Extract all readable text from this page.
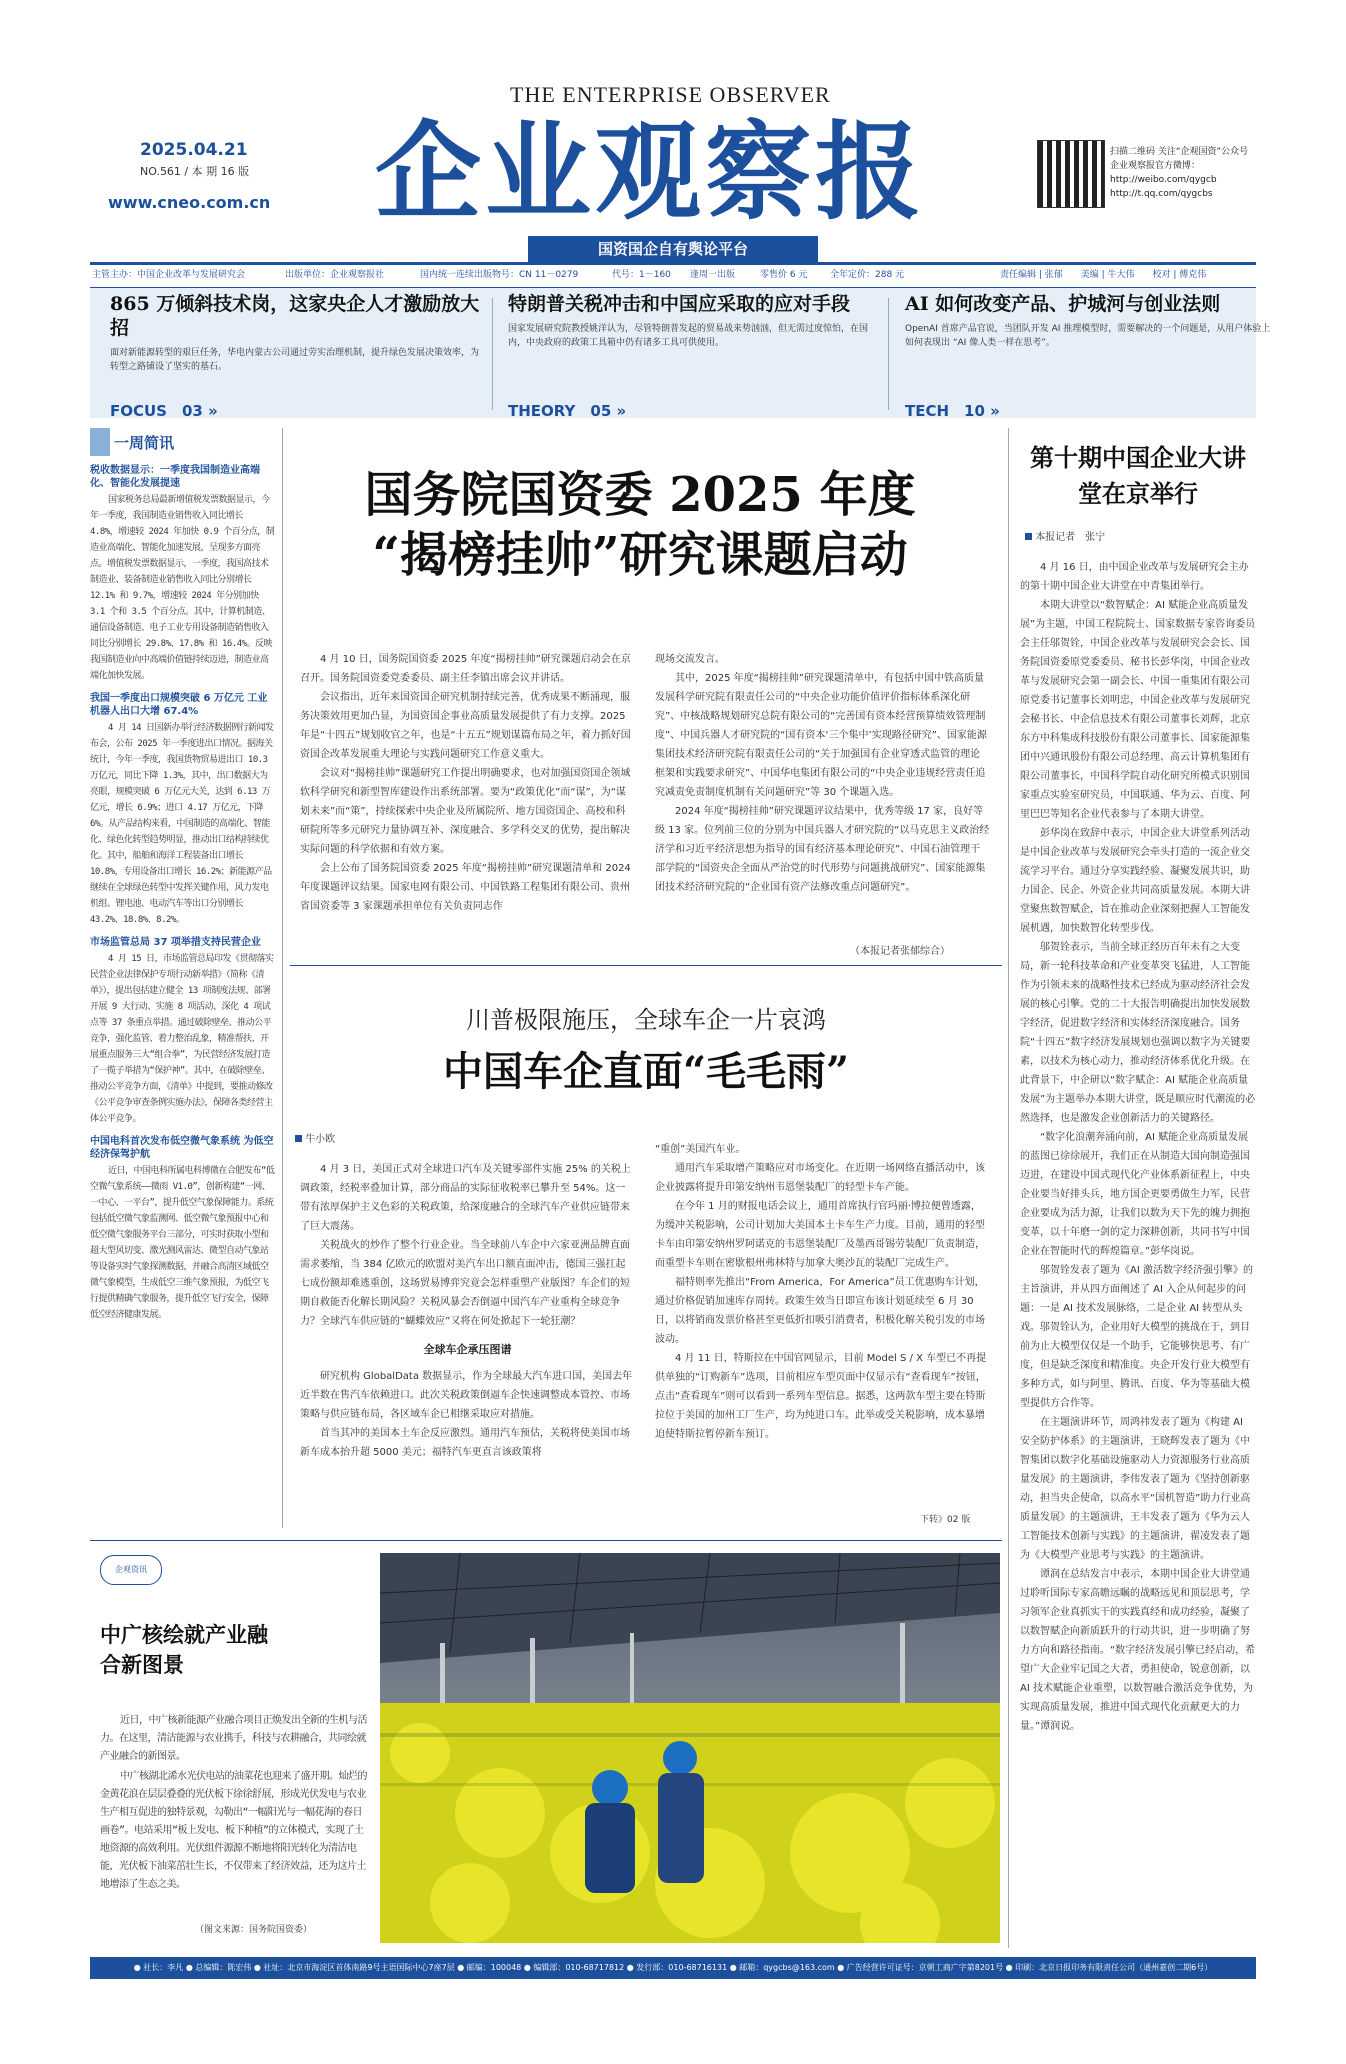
2025.04.21
NO.561 / 本 期 16 版
www.cneo.com.cn
THE ENTERPRISE OBSERVER
企业观察报
国资国企自有舆论平台
扫描二维码 关注“企观国资”公众号
企业观察报官方微博：
http://weibo.com/qygcb
http://t.qq.com/qygcbs
主管主办：中国企业改革与发展研究会	出版单位：企业观察报社	国内统一连续出版物号：CN 11－0279	代号：1－160 逢周一出版	零售价 6 元	全年定价：288 元	责任编辑 | 张郁　　美编 | 牛大伟　　校对 | 傅克伟
865 万倾斜技术岗，这家央企人才激励放大招

面对新能源转型的艰巨任务，华电内蒙古公司通过劳实治理机制，提升绿色发展决策效率，为转型之路铺设了坚实的基石。

FOCUS　03 »
特朗普关税冲击和中国应采取的应对手段

国家发展研究院教授姚洋认为，尽管特朗普发起的贸易战来势汹汹，但无需过度惊怕，在国内，中央政府的政策工具箱中仍有诸多工具可供使用。

THEORY　05 »
AI 如何改变产品、护城河与创业法则

OpenAI 首席产品官说，当团队开发 AI 推理模型时，需要解决的一个问题是，从用户体验上如何表现出 “AI 像人类一样在思考”。

TECH　10 »
一周简讯

税收数据显示：一季度我国制造业高端化、智能化发展提速

国家税务总局最新增值税发票数据显示，今年一季度，我国制造业销售收入同比增长 4.8%，增速较 2024 年加快 0.9 个百分点，制造业高端化、智能化加速发展，呈现多方面亮点。增值税发票数据显示，一季度，我国高技术制造业、装备制造业销售收入同比分别增长 12.1% 和 9.7%，增速较 2024 年分别加快 3.1 个和 3.5 个百分点。其中，计算机制造、通信设备制造、电子工业专用设备制造销售收入同比分别增长 29.8%、17.8% 和 16.4%。反映我国制造业向中高端价值链持续迈进，制造业高端化加快发展。

我国一季度出口规模突破 6 万亿元 工业机器人出口大增 67.4%

4 月 14 日国新办举行经济数据例行新闻发布会，公布 2025 年一季度进出口情况。据海关统计，今年一季度，我国货物贸易进出口 10.3 万亿元，同比下降 1.3%，其中，出口数据大为亮眼，规模突破 6 万亿元大关，达到 6.13 万亿元，增长 6.9%；进口 4.17 万亿元，下降 6%。从产品结构来看，中国制造的高端化、智能化、绿色化转型趋势明显，推动出口结构持续优化。其中，船舶和海洋工程装备出口增长 10.8%，专用设备出口增长 16.2%；新能源产品继续在全球绿色转型中发挥关键作用，风力发电机组、锂电池、电动汽车等出口分别增长 43.2%、18.8%、8.2%。

市场监管总局 37 项举措支持民营企业

4 月 15 日，市场监管总局印发《贯彻落实民营企业法律保护专项行动新举措》（简称《清单》），提出包括建立健全 13 项制度法规、部署开展 9 大行动、实施 8 项活动、深化 4 项试点等 37 条重点举措。通过破除壁垒、推动公平竞争，强化监管、着力整治乱象，精准帮扶、开展重点服务三大“组合拳”，为民营经济发展打造了一揽子举措为“保护神”。其中，在破除壁垒、推动公平竞争方面，《清单》中提到，要推动修改《公平竞争审查条例实施办法》，保障各类经营主体公平竞争。

中国电科首次发布低空微气象系统 为低空经济保驾护航

近日，中国电科所属电科博微在合肥发布“低空微气象系统——微雨 V1.0”，创新构建“一网、一中心、一平台”，提升低空气象保障能力。系统包括低空微气象监测网、低空微气象预报中心和低空微气象服务平台三部分，可实时获取小型和超大型风切变、激光测风雷达、微型自动气象站等设备实时气象探测数据，并融合高清区域低空微气象模型，生成低空三维气象预报，为低空飞行提供精确气象服务，提升低空飞行安全，保障低空经济健康发展。

国务院国资委 2025 年度
“揭榜挂帅”研究课题启动

4 月 10 日，国务院国资委 2025 年度“揭榜挂帅”研究课题启动会在京召开。国务院国资委党委委员、副主任李镇出席会议并讲话。

会议指出，近年来国资国企研究机制持续完善，优秀成果不断涌现，服务决策效用更加凸显，为国资国企事业高质量发展提供了有力支撑。2025 年是“十四五”规划收官之年，也是“十五五”规划谋篇布局之年，着力抓好国资国企改革发展重大理论与实践问题研究工作意义重大。

会议对“揭榜挂帅”课题研究工作提出明确要求，也对加强国资国企领域软科学研究和新型智库建设作出系统部署。要为“政策优化”而“谋”，为“谋划未来”而“策”，持续探索中央企业及所属院所、地方国资国企、高校和科研院所等多元研究力量协调互补、深度融合、多学科交叉的优势，提出解决实际问题的科学依据和有效方案。

会上公布了国务院国资委 2025 年度“揭榜挂帅”研究课题清单和 2024 年度课题评议结果。国家电网有限公司、中国铁路工程集团有限公司、贵州省国资委等 3 家课题承担单位有关负责同志作

现场交流发言。

其中，2025 年度“揭榜挂帅”研究课题清单中，有包括中国中铁高质量发展科学研究院有限责任公司的“中央企业功能价值评价指标体系深化研究”、中核战略规划研究总院有限公司的“完善国有资本经营预算绩效管理制度”、中国兵器人才研究院的“国有资本‘三个集中’实现路径研究”、国家能源集团技术经济研究院有限责任公司的“关于加强国有企业穿透式监管的理论框架和实践要求研究”、中国华电集团有限公司的“中央企业违规经营责任追究减责免责制度机制有关问题研究”等 30 个课题入选。

2024 年度“揭榜挂帅”研究课题评议结果中，优秀等级 17 家，良好等级 13 家。位列前三位的分别为中国兵器人才研究院的“以马克思主义政治经济学和习近平经济思想为指导的国有经济基本理论研究”、中国石油管理干部学院的“国资央企全面从严治党的时代形势与问题挑战研究”、国家能源集团技术经济研究院的“企业国有资产法修改重点问题研究”。

（本报记者张郁综合）
川普极限施压，全球车企一片哀鸿
中国车企直面“毛毛雨”
牛小欧

4 月 3 日，美国正式对全球进口汽车及关键零部件实施 25% 的关税上调政策，经税率叠加计算，部分商品的实际征收税率已攀升至 54%。这一带有浓厚保护主义色彩的关税政策，给深度融合的全球汽车产业供应链带来了巨大震荡。

关税战火的炒作了整个行业企业。当全球前八车企中六家亚洲品牌直面需求萎缩，当 384 亿欧元的欧盟对美汽车出口额直面冲击，德国三强扛起七成份额却难逃重创，这场贸易博弈究竟会怎样重塑产业版图？车企们的短期自救能否化解长期风险？关税风暴会否倒逼中国汽车产业重构全球竞争力？全球汽车供应链的“蝴蝶效应”又将在何处掀起下一轮狂潮？

全球车企承压图谱

研究机构 GlobalData 数据显示，作为全球最大汽车进口国，美国去年近半数在售汽车依赖进口。此次关税政策倒逼车企快速调整成本管控、市场策略与供应链布局，各区域车企已相继采取应对措施。

首当其冲的美国本土车企反应激烈。通用汽车预估，关税将使美国市场新车成本抬升超 5000 美元；福特汽车更直言该政策将

“重创”美国汽车业。

通用汽车采取增产策略应对市场变化。在近期一场网络直播活动中，该企业披露将提升印第安纳州韦恩堡装配厂的轻型卡车产能。

在今年 1 月的财报电话会议上，通用首席执行官玛丽·博拉便曾透露，为缓冲关税影响，公司计划加大美国本土卡车生产力度。目前，通用的轻型卡车由印第安纳州罗阿诺克的韦恩堡装配厂及墨西哥锡劳装配厂负责制造，而重型卡车则在密歇根州弗林特与加拿大奥沙瓦的装配厂完成生产。

福特则率先推出“From America，For America”员工优惠购车计划，通过价格促销加速库存周转。政策生效当日即宣布该计划延续至 6 月 30 日，以将销商发票价格甚至更低折扣吸引消费者，积极化解关税引发的市场波动。

4 月 11 日，特斯拉在中国官网显示，目前 Model S / X 车型已不再提供单独的“订购新车”选项，目前相应车型页面中仅显示有“查看现车”按钮，点击“查看现车”则可以看到一系列车型信息。据悉，这两款车型主要在特斯拉位于美国的加州工厂生产，均为纯进口车。此举或受关税影响，成本暴增迫使特斯拉暂停新车预订。

下转》02 版
第十期中国企业大讲堂在京举行
本报记者　张宁

4 月 16 日，由中国企业改革与发展研究会主办的第十期中国企业大讲堂在中青集团举行。

本期大讲堂以“数智赋企：AI 赋能企业高质量发展”为主题，中国工程院院士、国家数据专家咨询委员会主任邬贺铨，中国企业改革与发展研究会会长、国务院国资委原党委委员、秘书长彭华岗，中国企业改革与发展研究会第一副会长、中国一重集团有限公司原党委书记董事长刘明忠，中国企业改革与发展研究会秘书长、中企信息技术有限公司董事长刘辉，北京东方中科集成科技股份有限公司董事长、国家能源集团中兴通讯股份有限公司总经理、高云计算机集团有限公司董事长，中国科学院自动化研究所模式识别国家重点实验室研究员，中国联通、华为云、百度、阿里巴巴等知名企业代表参与了本期大讲堂。

彭华岗在致辞中表示，中国企业大讲堂系列活动是中国企业改革与发展研究会牵头打造的一流企业交流学习平台。通过分享实践经验、凝聚发展共识，助力国企、民企、外资企业共同高质量发展。本期大讲堂聚焦数智赋企，旨在推动企业深刻把握人工智能发展机遇，加快数智化转型步伐。

邬贺铨表示，当前全球正经历百年未有之大变局，新一轮科技革命和产业变革突飞猛进，人工智能作为引领未来的战略性技术已经成为驱动经济社会发展的核心引擎。党的二十大报告明确提出加快发展数字经济，促进数字经济和实体经济深度融合。国务院“十四五”数字经济发展规划也强调以数字为关键要素，以技术为核心动力，推动经济体系优化升级。在此背景下，中企研以“数字赋企：AI 赋能企业高质量发展”为主题举办本期大讲堂，既是顺应时代潮流的必然选择，也是激发企业创新活力的关键路径。

“数字化浪潮奔涌向前，AI 赋能企业高质量发展的蓝图已徐徐展开，我们正在从制造大国向制造强国迈进，在建设中国式现代化产业体系新征程上，中央企业要当好排头兵，地方国企更要勇做生力军，民营企业要成为活力源，让我们以数为天下先的魄力拥抱变革，以十年磨一剑的定力深耕创新，共同书写中国企业在智能时代的辉煌篇章。”彭华岗说。

邬贺铨发表了题为《AI 激活数字经济强引擎》的主旨演讲，并从四方面阐述了 AI 入企从何起步的问题：一是 AI 技术发展脉络，二是企业 AI 转型从头戏。邬贺铨认为，企业用好大模型的挑战在于，到目前为止大模型仅仅是一个助手，它能够快思考、有广度，但是缺乏深度和精准度。央企开发行业大模型有多种方式，如与阿里、腾讯、百度、华为等基础大模型提供方合作等。

在主题演讲环节，周鸿祎发表了题为《构建 AI 安全防护体系》的主题演讲，王晓辉发表了题为《中智集团以数字化基础设施驱动人力资源服务行业高质量发展》的主题演讲，李伟发表了题为《坚持创新驱动，担当央企使命，以高水平“国机智造”助力行业高质量发展》的主题演讲，王丰发表了题为《华为云人工智能技术创新与实践》的主题演讲，翟凌发表了题为《大模型产业思考与实践》的主题演讲。

谭润在总结发言中表示，本期中国企业大讲堂通过聆听国际专家高瞻远瞩的战略远见和顶层思考，学习领军企业真抓实干的实践真经和成功经验，凝聚了以数智赋企向新质跃升的行动共识，进一步明确了努力方向和路径指南。“数字经济发展引擎已经启动，希望广大企业牢记国之大者，勇担使命，锐意创新，以 AI 技术赋能企业重塑，以数智融合激活竞争优势，为实现高质量发展，推进中国式现代化贡献更大的力量。”谭润说。

企观资讯
中广核绘就产业融合新图景

近日，中广核新能源产业融合项目正焕发出全新的生机与活力。在这里，清洁能源与农业携手，科技与农耕融合，共同绘就产业融合的新图景。

中广核湖北浠水光伏电站的油菜花也迎来了盛开期。灿烂的金黄花浪在层层叠叠的光伏板下徐徐舒展，形成光伏发电与农业生产相互促进的独特景观，勾勒出“一幅阳光与一幅花海的春日画卷”。电站采用“板上发电、板下种植”的立体模式，实现了土地资源的高效利用。光伏组件源源不断地将阳光转化为清洁电能，光伏板下油菜茁壮生长，不仅带来了经济效益，还为这片土地增添了生态之美。

（图文来源：国务院国资委）
● 社长：李凡 ● 总编辑：陈宏伟 ● 社址：北京市海淀区首体南路9号主语国际中心7座7层 ● 邮编：100048 ● 编辑部：010-68717812 ● 发行部：010-68716131 ● 邮箱：qygcbs@163.com ● 广告经营许可证号：京朝工商广字第8201号 ● 印刷：北京日报印务有限责任公司（通州嘉创二期6号）
